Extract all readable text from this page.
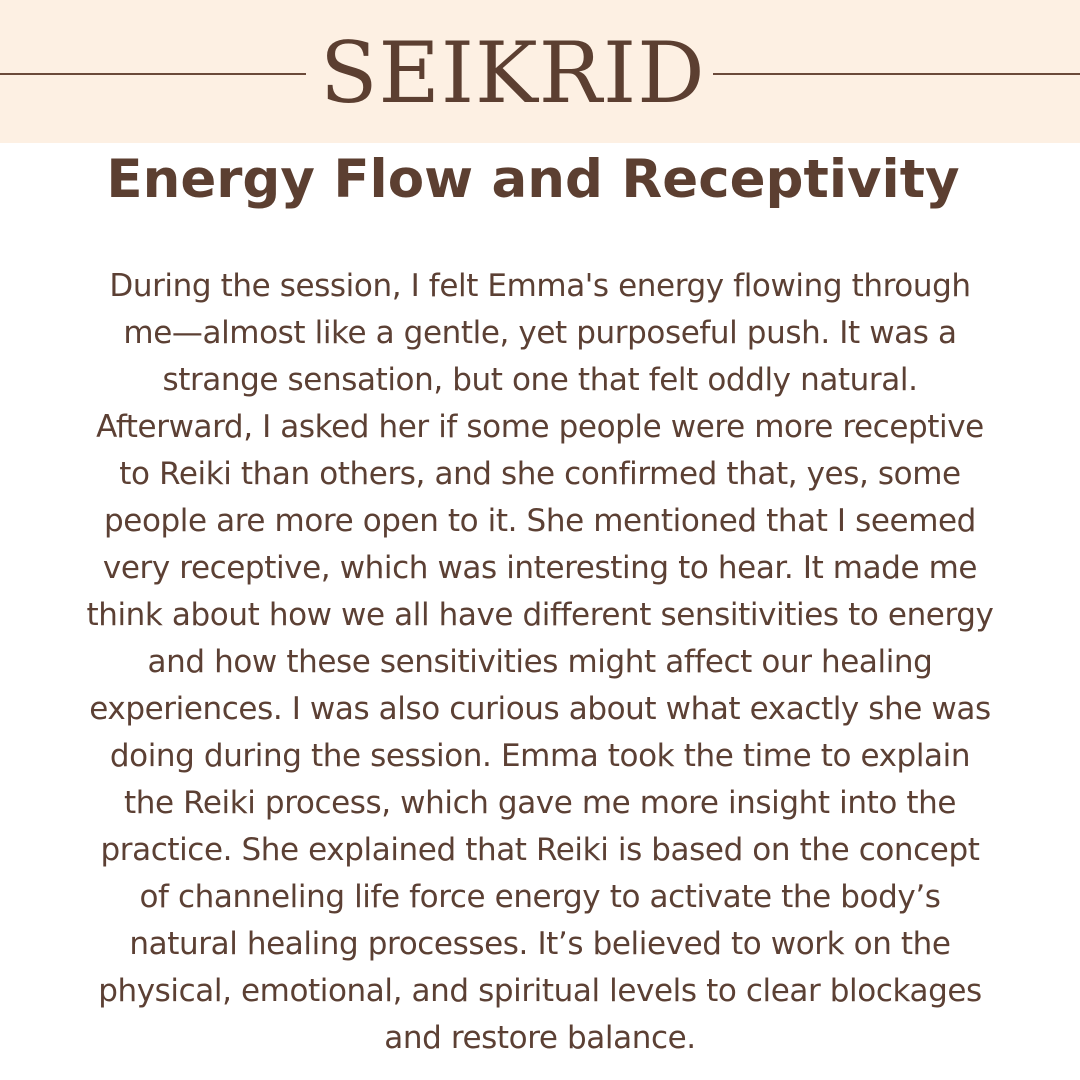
SEIKRID
Energy Flow and Receptivity

During the session, I felt Emma's energy flowing through
me—almost like a gentle, yet purposeful push. It was a
strange sensation, but one that felt oddly natural.
Afterward, I asked her if some people were more receptive
to Reiki than others, and she confirmed that, yes, some
people are more open to it. She mentioned that I seemed
very receptive, which was interesting to hear. It made me
think about how we all have different sensitivities to energy
and how these sensitivities might affect our healing
experiences. I was also curious about what exactly she was
doing during the session. Emma took the time to explain
the Reiki process, which gave me more insight into the
practice. She explained that Reiki is based on the concept
of channeling life force energy to activate the body’s
natural healing processes. It’s believed to work on the
physical, emotional, and spiritual levels to clear blockages
and restore balance.
